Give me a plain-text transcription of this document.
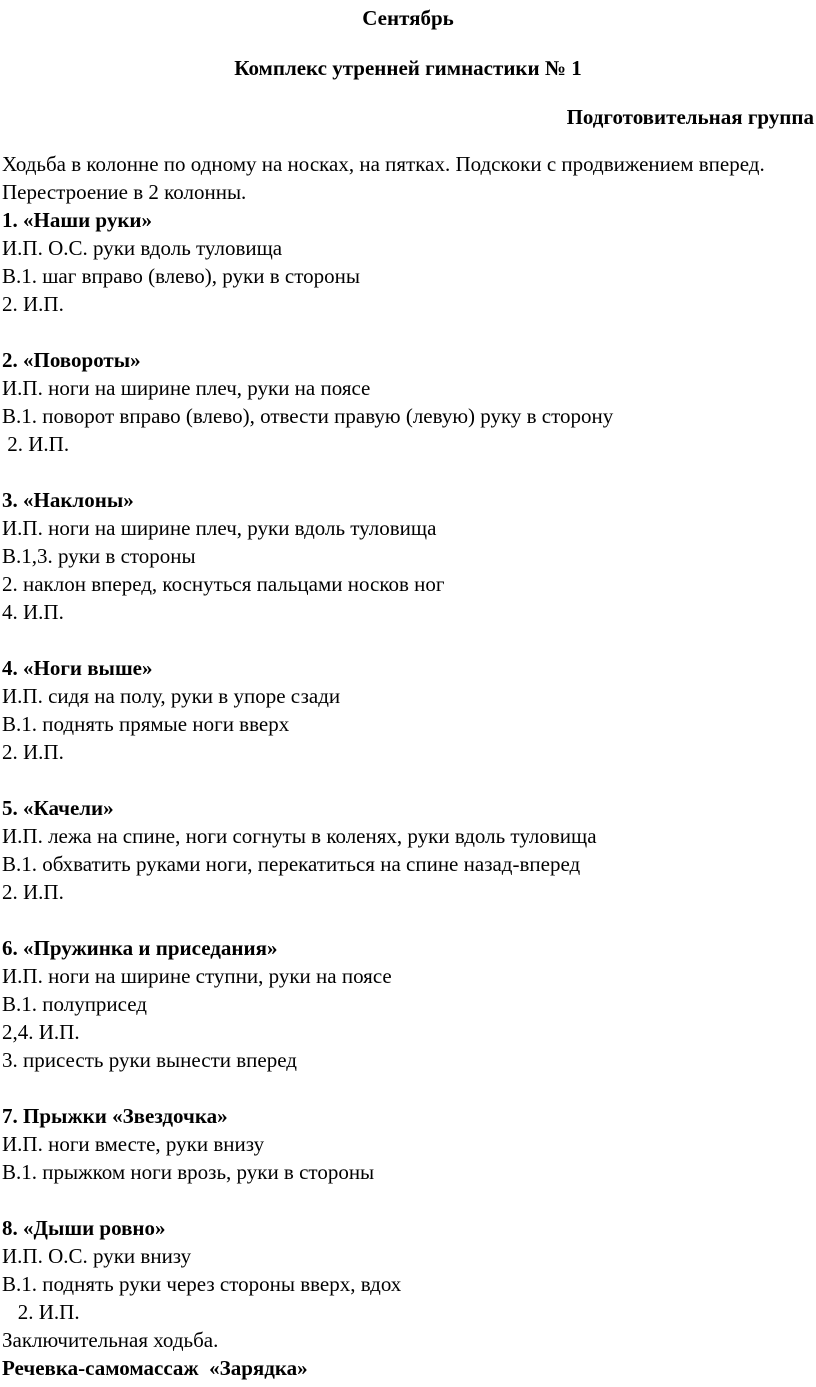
Сентябрь

Комплекс утренней гимнастики № 1

Подготовительная группа

Ходьба в колонне по одному на носках, на пятках. Подскоки с продвижением вперед. Перестроение в 2 колонны.

1. «Наши руки»
И.П. О.С. руки вдоль туловища
В.1. шаг вправо (влево), руки в стороны
2. И.П.
2. «Повороты»
И.П. ноги на ширине плеч, руки на поясе
В.1. поворот вправо (влево), отвести правую (левую) руку в сторону
2. И.П.
3. «Наклоны»
И.П. ноги на ширине плеч, руки вдоль туловища
В.1,3. руки в стороны
2. наклон вперед, коснуться пальцами носков ног
4. И.П.
4. «Ноги выше»
И.П. сидя на полу, руки в упоре сзади
В.1. поднять прямые ноги вверх
2. И.П.
5. «Качели»
И.П. лежа на спине, ноги согнуты в коленях, руки вдоль туловища
В.1. обхватить руками ноги, перекатиться на спине назад-вперед
2. И.П.
6. «Пружинка и приседания»
И.П. ноги на ширине ступни, руки на поясе
В.1. полуприсед
2,4. И.П.
3. присесть руки вынести вперед
7. Прыжки «Звездочка»
И.П. ноги вместе, руки внизу
В.1. прыжком ноги врозь, руки в стороны
8. «Дыши ровно»
И.П. О.С. руки внизу
В.1. поднять руки через стороны вверх, вдох
2. И.П.
Заключительная ходьба.
Речевка-самомассаж  «Зарядка»
